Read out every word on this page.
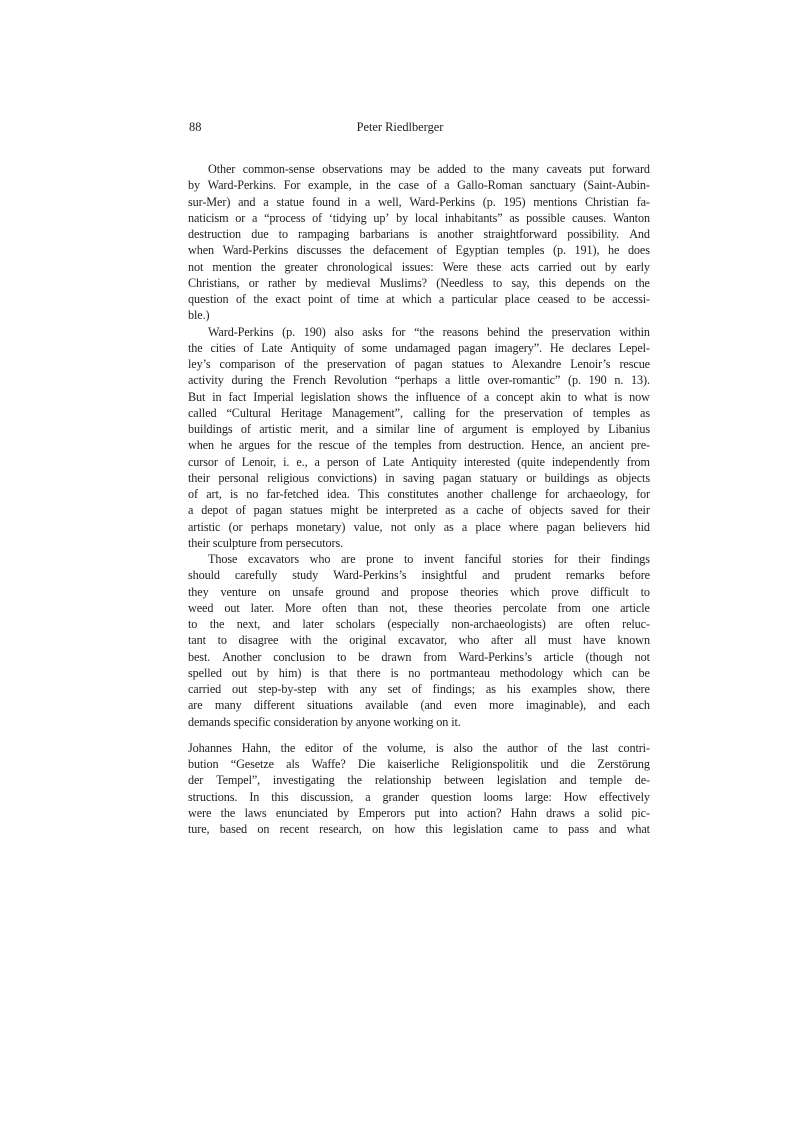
88	Peter Riedlberger
Other common-sense observations may be added to the many caveats put forward
by Ward-Perkins. For example, in the case of a Gallo-Roman sanctuary (Saint-Aubin-
sur-Mer) and a statue found in a well, Ward-Perkins (p. 195) mentions Christian fa-
naticism or a “process of ‘tidying up’ by local inhabitants” as possible causes. Wanton
destruction due to rampaging barbarians is another straightforward possibility. And
when Ward-Perkins discusses the defacement of Egyptian temples (p. 191), he does
not mention the greater chronological issues: Were these acts carried out by early
Christians, or rather by medieval Muslims? (Needless to say, this depends on the
question of the exact point of time at which a particular place ceased to be accessi-
ble.)
Ward-Perkins (p. 190) also asks for “the reasons behind the preservation within
the cities of Late Antiquity of some undamaged pagan imagery”. He declares Lepel-
ley’s comparison of the preservation of pagan statues to Alexandre Lenoir’s rescue
activity during the French Revolution “perhaps a little over-romantic” (p. 190 n. 13).
But in fact Imperial legislation shows the influence of a concept akin to what is now
called “Cultural Heritage Management”, calling for the preservation of temples as
buildings of artistic merit, and a similar line of argument is employed by Libanius
when he argues for the rescue of the temples from destruction. Hence, an ancient pre-
cursor of Lenoir, i. e., a person of Late Antiquity interested (quite independently from
their personal religious convictions) in saving pagan statuary or buildings as objects
of art, is no far-fetched idea. This constitutes another challenge for archaeology, for
a depot of pagan statues might be interpreted as a cache of objects saved for their
artistic (or perhaps monetary) value, not only as a place where pagan believers hid
their sculpture from persecutors.
Those excavators who are prone to invent fanciful stories for their findings
should carefully study Ward-Perkins’s insightful and prudent remarks before
they venture on unsafe ground and propose theories which prove difficult to
weed out later. More often than not, these theories percolate from one article
to the next, and later scholars (especially non-archaeologists) are often reluc-
tant to disagree with the original excavator, who after all must have known
best. Another conclusion to be drawn from Ward-Perkins’s article (though not
spelled out by him) is that there is no portmanteau methodology which can be
carried out step-by-step with any set of findings; as his examples show, there
are many different situations available (and even more imaginable), and each
demands specific consideration by anyone working on it.
Johannes Hahn, the editor of the volume, is also the author of the last contri-
bution “Gesetze als Waffe? Die kaiserliche Religionspolitik und die Zerstörung
der Tempel”, investigating the relationship between legislation and temple de-
structions. In this discussion, a grander question looms large: How effectively
were the laws enunciated by Emperors put into action? Hahn draws a solid pic-
ture, based on recent research, on how this legislation came to pass and what
